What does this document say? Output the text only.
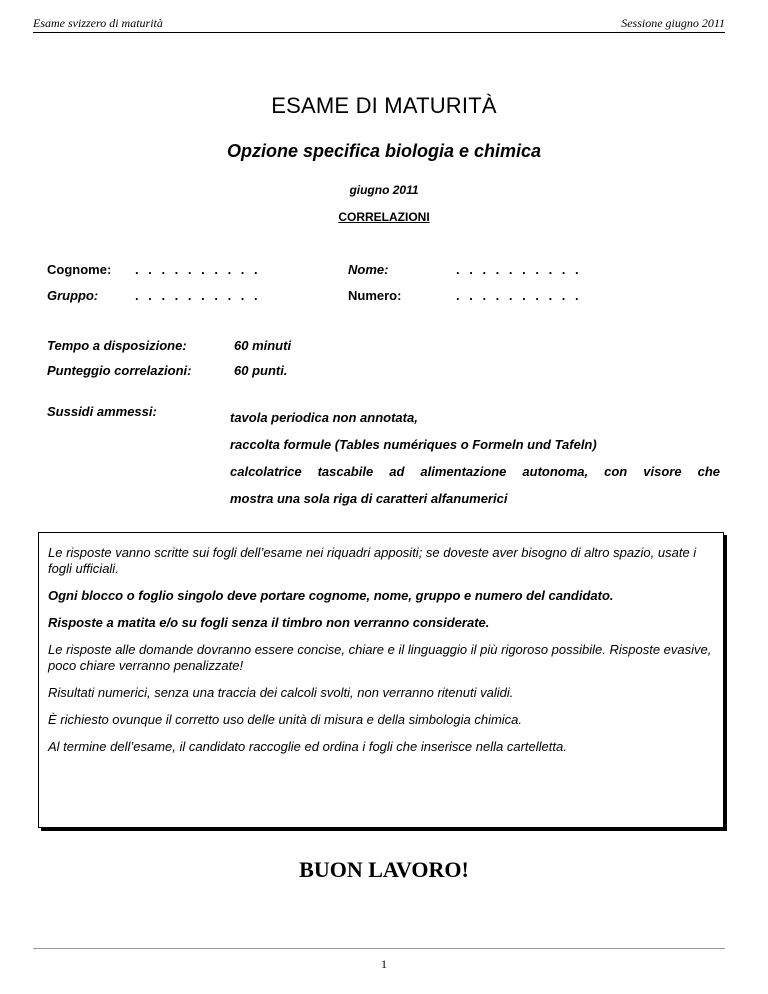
Esame svizzero di maturità	Sessione giugno 2011
ESAME DI MATURITÀ
Opzione specifica biologia e chimica
giugno 2011
CORRELAZIONI
Cognome: . . . . . . . . . .	Nome:	. . . . . . . . . .
Gruppo:	. . . . . . . . . .	Numero:	. . . . . . . . . .
Tempo a disposizione:	60 minuti
Punteggio correlazioni:	60 punti.
Sussidi ammessi:	tavola periodica non annotata,
raccolta formule (Tables numériques o Formeln und Tafeln)
calcolatrice tascabile ad alimentazione autonoma, con visore che
mostra una sola riga di caratteri alfanumerici

Le risposte vanno scritte sui fogli dell’esame nei riquadri appositi; se doveste aver bisogno di altro spazio, usate i fogli ufficiali.

Ogni blocco o foglio singolo deve portare cognome, nome, gruppo e numero del candidato.

Risposte a matita e/o su fogli senza il timbro non verranno considerate.

Le risposte alle domande dovranno essere concise, chiare e il linguaggio il più rigoroso possibile. Risposte evasive, poco chiare verranno penalizzate!

Risultati numerici, senza una traccia dei calcoli svolti, non verranno ritenuti validi.

È richiesto ovunque il corretto uso delle unità di misura e della simbologia chimica.

Al termine dell’esame, il candidato raccoglie ed ordina i fogli che inserisce nella cartelletta.

BUON LAVORO!
1
